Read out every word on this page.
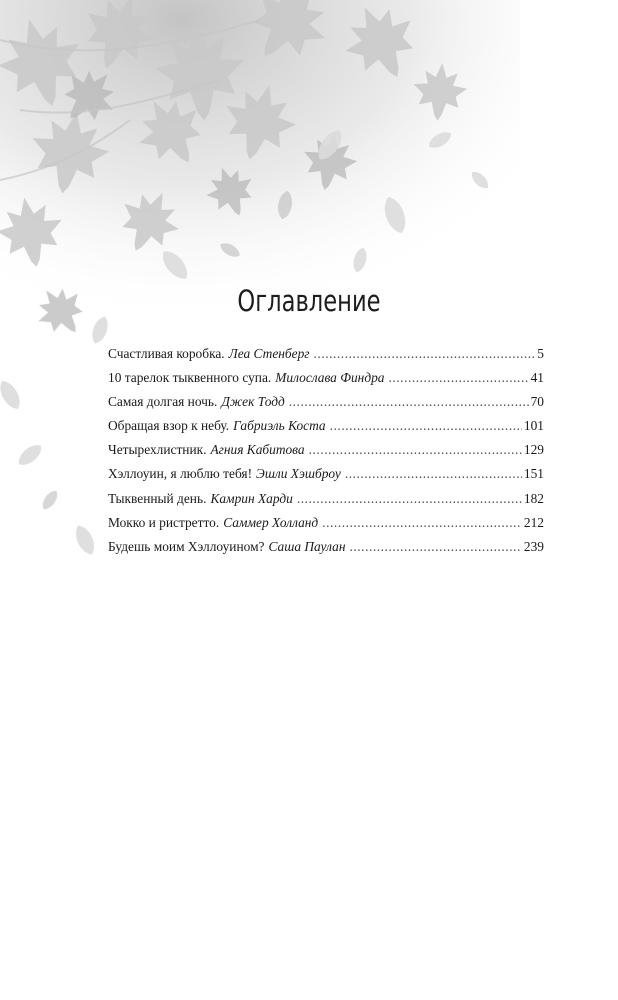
Оглавление
Счастливая коробка. Леа Стенберг . . .	5
10 тарелок тыквенного супа. Милослава Финдра . . .	41
Самая долгая ночь. Джек Тодд . . .	70
Обращая взор к небу. Габриэль Коста . . .	101
Четырехлистник. Агния Кабитова . . .	129
Хэллоуин, я люблю тебя! Эшли Хэшброу . . .	151
Тыквенный день. Камрин Харди . . .	182
Мокко и ристретто. Саммер Холланд . . .	212
Будешь моим Хэллоуином? Саша Паулан . . .	239
